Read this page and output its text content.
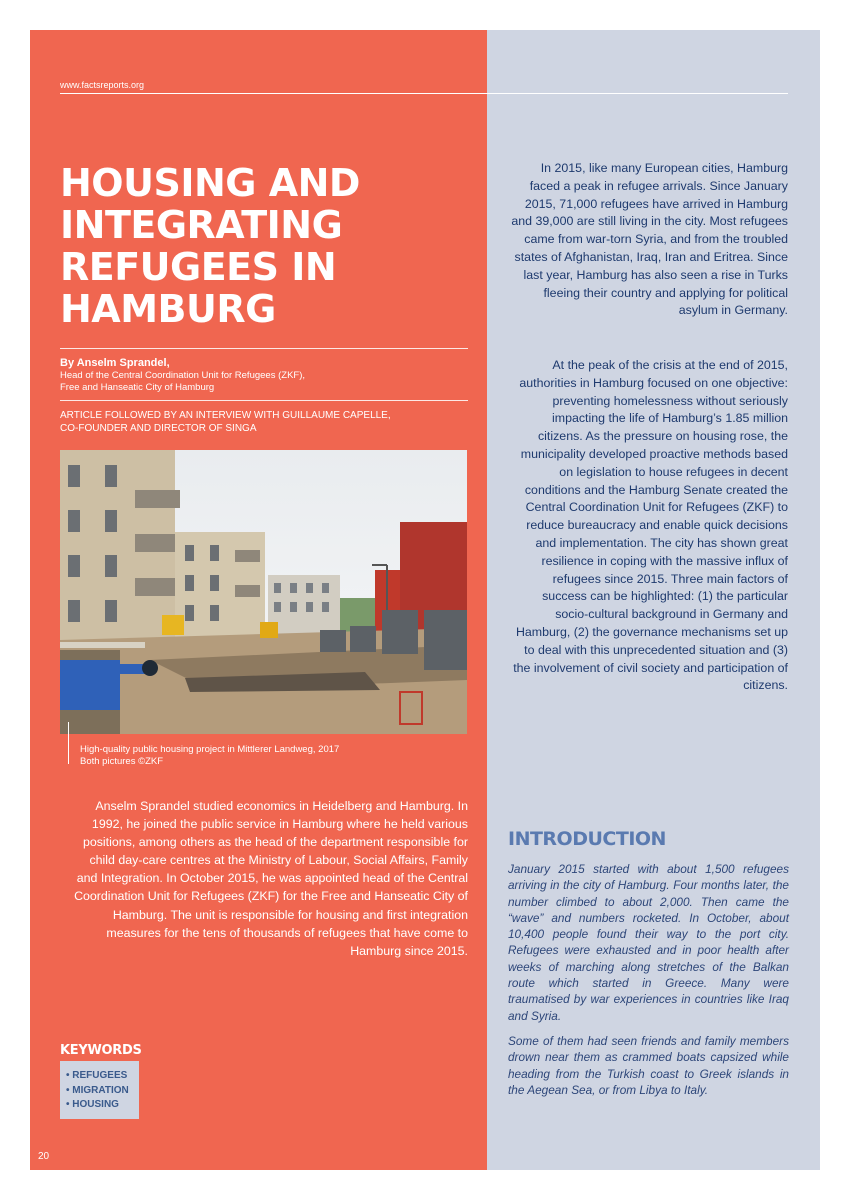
www.factsreports.org
HOUSING AND INTEGRATING REFUGEES IN HAMBURG
By Anselm Sprandel,
Head of the Central Coordination Unit for Refugees (ZKF),
Free and Hanseatic City of Hamburg
ARTICLE FOLLOWED BY AN INTERVIEW WITH GUILLAUME CAPELLE,
CO-FOUNDER AND DIRECTOR OF SINGA
High-quality public housing project in Mittlerer Landweg, 2017
Both pictures ©ZKF

Anselm Sprandel studied economics in Heidelberg and Hamburg. In 1992, he joined the public service in Hamburg where he held various positions, among others as the head of the department responsible for child day-care centres at the Ministry of Labour, Social Affairs, Family and Integration. In October 2015, he was appointed head of the Central Coordination Unit for Refugees (ZKF) for the Free and Hanseatic City of Hamburg. The unit is responsible for housing and first integration measures for the tens of thousands of refugees that have come to Hamburg since 2015.

KEYWORDS
• REFUGEES
• MIGRATION
• HOUSING
20

In 2015, like many European cities, Hamburg faced a peak in refugee arrivals. Since January 2015, 71,000 refugees have arrived in Hamburg and 39,000 are still living in the city. Most refugees came from war-torn Syria, and from the troubled states of Afghanistan, Iraq, Iran and Eritrea. Since last year, Hamburg has also seen a rise in Turks fleeing their country and applying for political asylum in Germany.

At the peak of the crisis at the end of 2015, authorities in Hamburg focused on one objective: preventing homelessness without seriously impacting the life of Hamburg’s 1.85 million citizens. As the pressure on housing rose, the municipality developed proactive methods based on legislation to house refugees in decent conditions and the Hamburg Senate created the Central Coordination Unit for Refugees (ZKF) to reduce bureaucracy and enable quick decisions and implementation. The city has shown great resilience in coping with the massive influx of refugees since 2015. Three main factors of success can be highlighted: (1) the particular socio-cultural background in Germany and Hamburg, (2) the governance mechanisms set up to deal with this unprecedented situation and (3) the involvement of civil society and participation of citizens.

INTRODUCTION

January 2015 started with about 1,500 refugees arriving in the city of Hamburg. Four months later, the number climbed to about 2,000. Then came the “wave” and numbers rocketed. In October, about 10,400 people found their way to the port city. Refugees were exhausted and in poor health after weeks of marching along stretches of the Balkan route which started in Greece. Many were traumatised by war experiences in countries like Iraq and Syria.

Some of them had seen friends and family members drown near them as crammed boats capsized while heading from the Turkish coast to Greek islands in the Aegean Sea, or from Libya to Italy.
